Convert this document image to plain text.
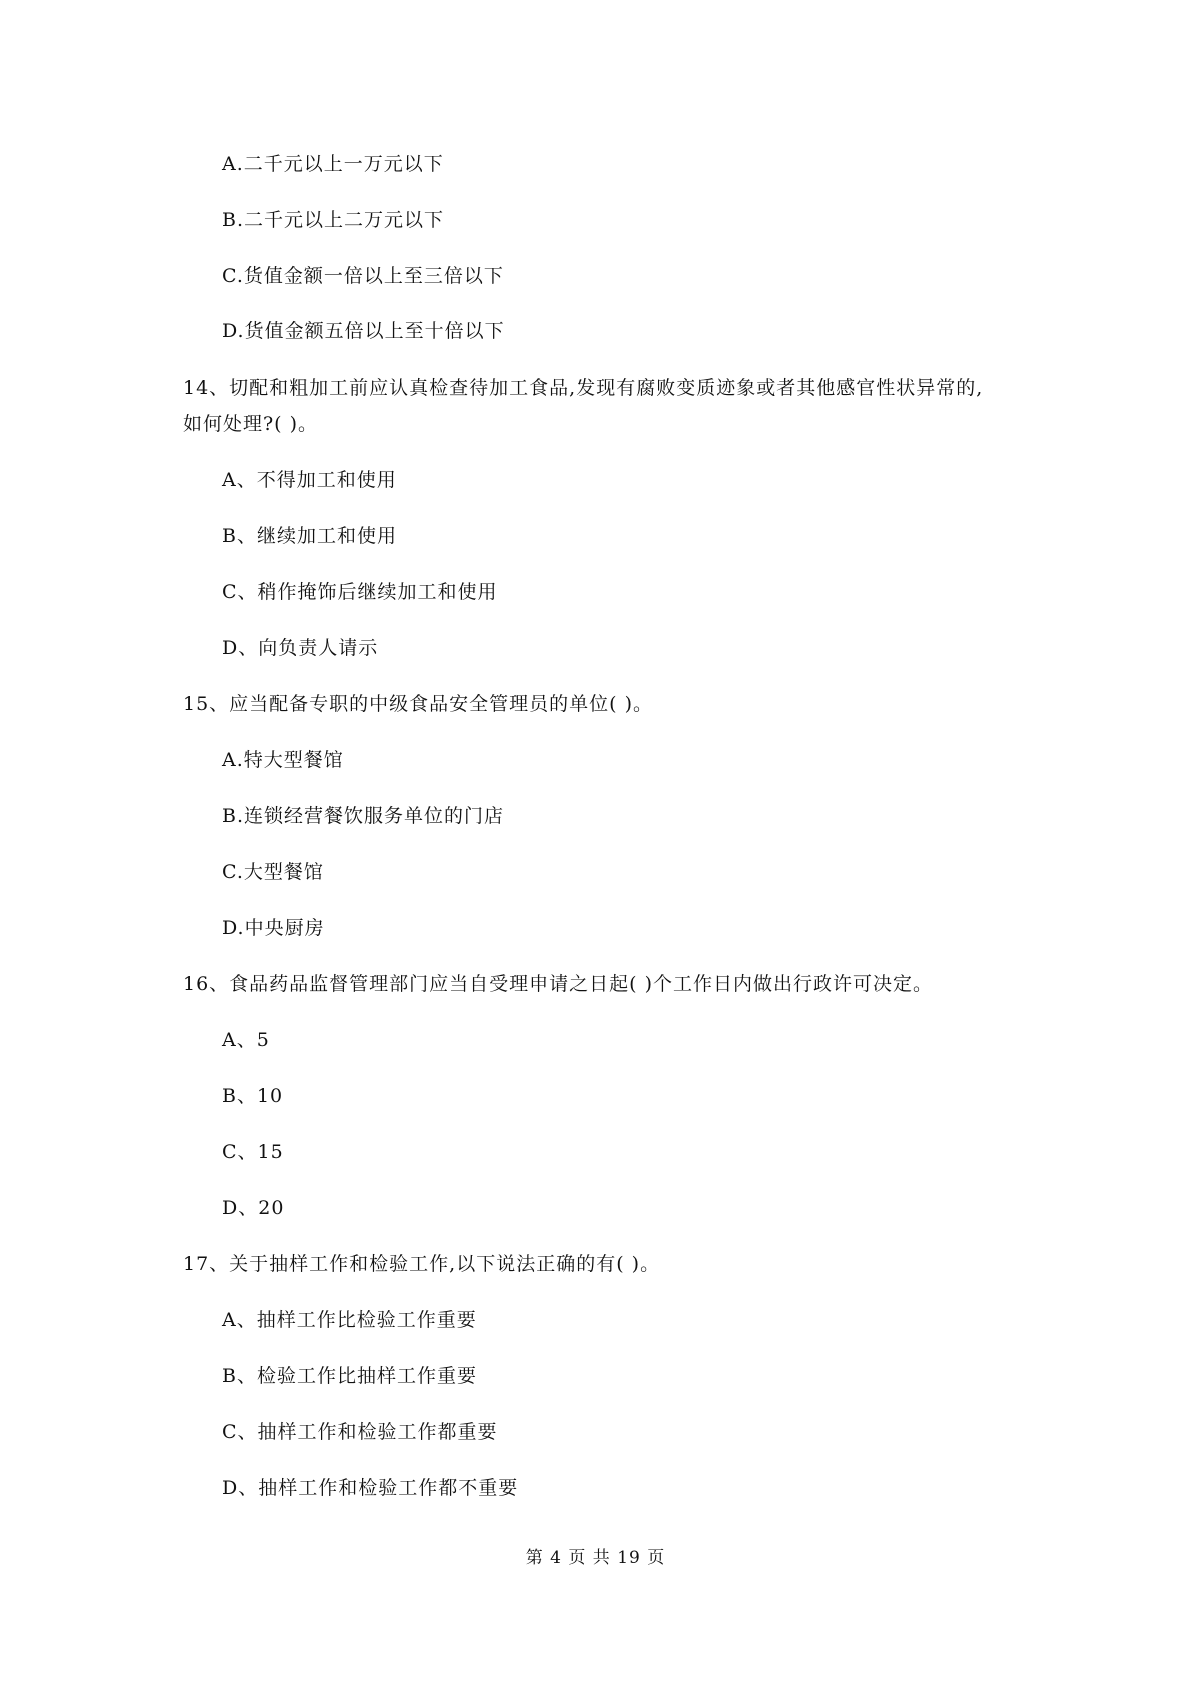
A.二千元以上一万元以下
B.二千元以上二万元以下
C.货值金额一倍以上至三倍以下
D.货值金额五倍以上至十倍以下
14、切配和粗加工前应认真检查待加工食品,发现有腐败变质迹象或者其他感官性状异常的,
如何处理?( )。
A、不得加工和使用
B、继续加工和使用
C、稍作掩饰后继续加工和使用
D、向负责人请示
15、应当配备专职的中级食品安全管理员的单位( )。
A.特大型餐馆
B.连锁经营餐饮服务单位的门店
C.大型餐馆
D.中央厨房
16、食品药品监督管理部门应当自受理申请之日起( )个工作日内做出行政许可决定。
A、5
B、10
C、15
D、20
17、关于抽样工作和检验工作,以下说法正确的有( )。
A、抽样工作比检验工作重要
B、检验工作比抽样工作重要
C、抽样工作和检验工作都重要
D、抽样工作和检验工作都不重要
第 4 页 共 19 页
